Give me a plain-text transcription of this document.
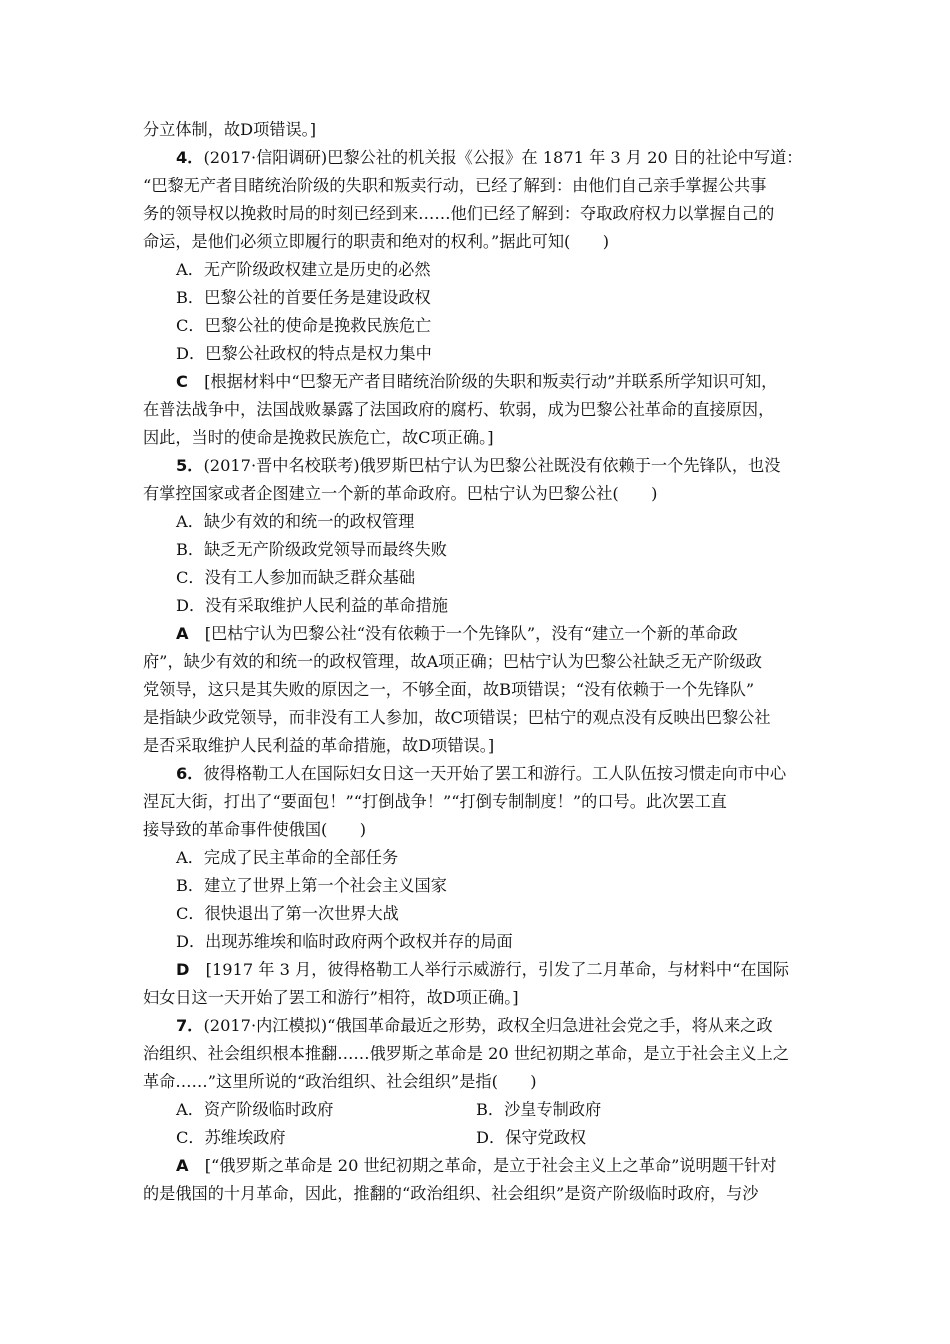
分立体制，故D项错误。]
4．(2017·信阳调研)巴黎公社的机关报《公报》在 1871 年 3 月 20 日的社论中写道：
“巴黎无产者目睹统治阶级的失职和叛卖行动，已经了解到：由他们自己亲手掌握公共事
务的领导权以挽救时局的时刻已经到来……他们已经了解到：夺取政府权力以掌握自己的
命运，是他们必须立即履行的职责和绝对的权利。”据此可知(　　)
A．无产阶级政权建立是历史的必然
B．巴黎公社的首要任务是建设政权
C．巴黎公社的使命是挽救民族危亡
D．巴黎公社政权的特点是权力集中
C　[根据材料中“巴黎无产者目睹统治阶级的失职和叛卖行动”并联系所学知识可知，
在普法战争中，法国战败暴露了法国政府的腐朽、软弱，成为巴黎公社革命的直接原因，
因此，当时的使命是挽救民族危亡，故C项正确。]
5．(2017·晋中名校联考)俄罗斯巴枯宁认为巴黎公社既没有依赖于一个先锋队，也没
有掌控国家或者企图建立一个新的革命政府。巴枯宁认为巴黎公社(　　)
A．缺少有效的和统一的政权管理
B．缺乏无产阶级政党领导而最终失败
C．没有工人参加而缺乏群众基础
D．没有采取维护人民利益的革命措施
A　[巴枯宁认为巴黎公社“没有依赖于一个先锋队”，没有“建立一个新的革命政
府”，缺少有效的和统一的政权管理，故A项正确；巴枯宁认为巴黎公社缺乏无产阶级政
党领导，这只是其失败的原因之一，不够全面，故B项错误；“没有依赖于一个先锋队”
是指缺少政党领导，而非没有工人参加，故C项错误；巴枯宁的观点没有反映出巴黎公社
是否采取维护人民利益的革命措施，故D项错误。]
6．彼得格勒工人在国际妇女日这一天开始了罢工和游行。工人队伍按习惯走向市中心
涅瓦大街，打出了“要面包！”“打倒战争！”“打倒专制制度！”的口号。此次罢工直
接导致的革命事件使俄国(　　)
A．完成了民主革命的全部任务
B．建立了世界上第一个社会主义国家
C．很快退出了第一次世界大战
D．出现苏维埃和临时政府两个政权并存的局面
D　[1917 年 3 月，彼得格勒工人举行示威游行，引发了二月革命，与材料中“在国际
妇女日这一天开始了罢工和游行”相符，故D项正确。]
7．(2017·内江模拟)“俄国革命最近之形势，政权全归急进社会党之手，将从来之政
治组织、社会组织根本推翻……俄罗斯之革命是 20 世纪初期之革命，是立于社会主义上之
革命……”这里所说的“政治组织、社会组织”是指(　　)
A．资产阶级临时政府	B．沙皇专制政府
C．苏维埃政府	D．保守党政权
A　[“俄罗斯之革命是 20 世纪初期之革命，是立于社会主义上之革命”说明题干针对
的是俄国的十月革命，因此，推翻的“政治组织、社会组织”是资产阶级临时政府，与沙
